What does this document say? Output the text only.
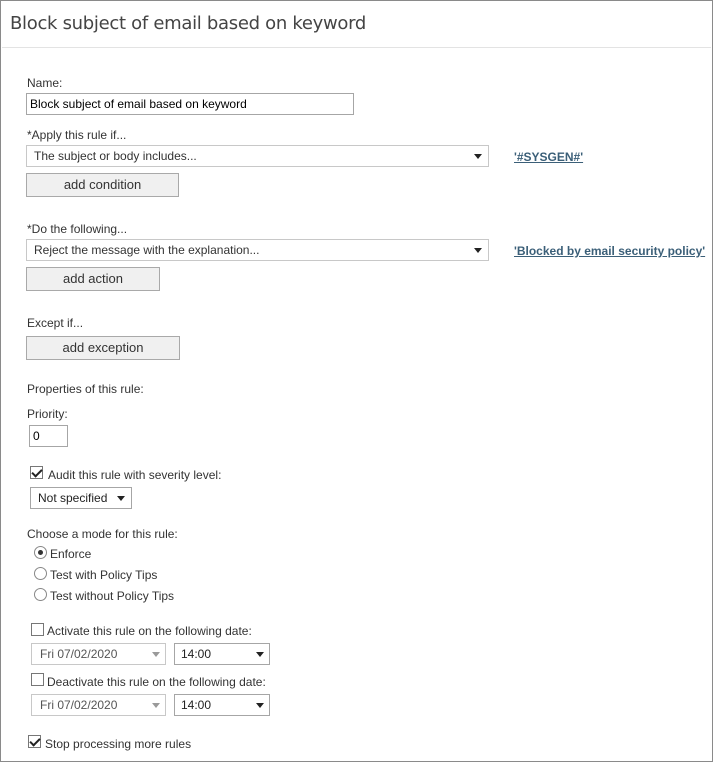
Block subject of email based on keyword
Name:
Block subject of email based on keyword
*Apply this rule if...
The subject or body includes...	'#SYSGEN#'
add condition
*Do the following...
Reject the message with the explanation...	'Blocked by email security policy'
add action
Except if...
add exception
Properties of this rule:
Priority:
0
Audit this rule with severity level:
Not specified
Choose a mode for this rule:
Enforce
Test with Policy Tips
Test without Policy Tips
Activate this rule on the following date:
Fri 07/02/2020	14:00
Deactivate this rule on the following date:
Fri 07/02/2020	14:00
Stop processing more rules
